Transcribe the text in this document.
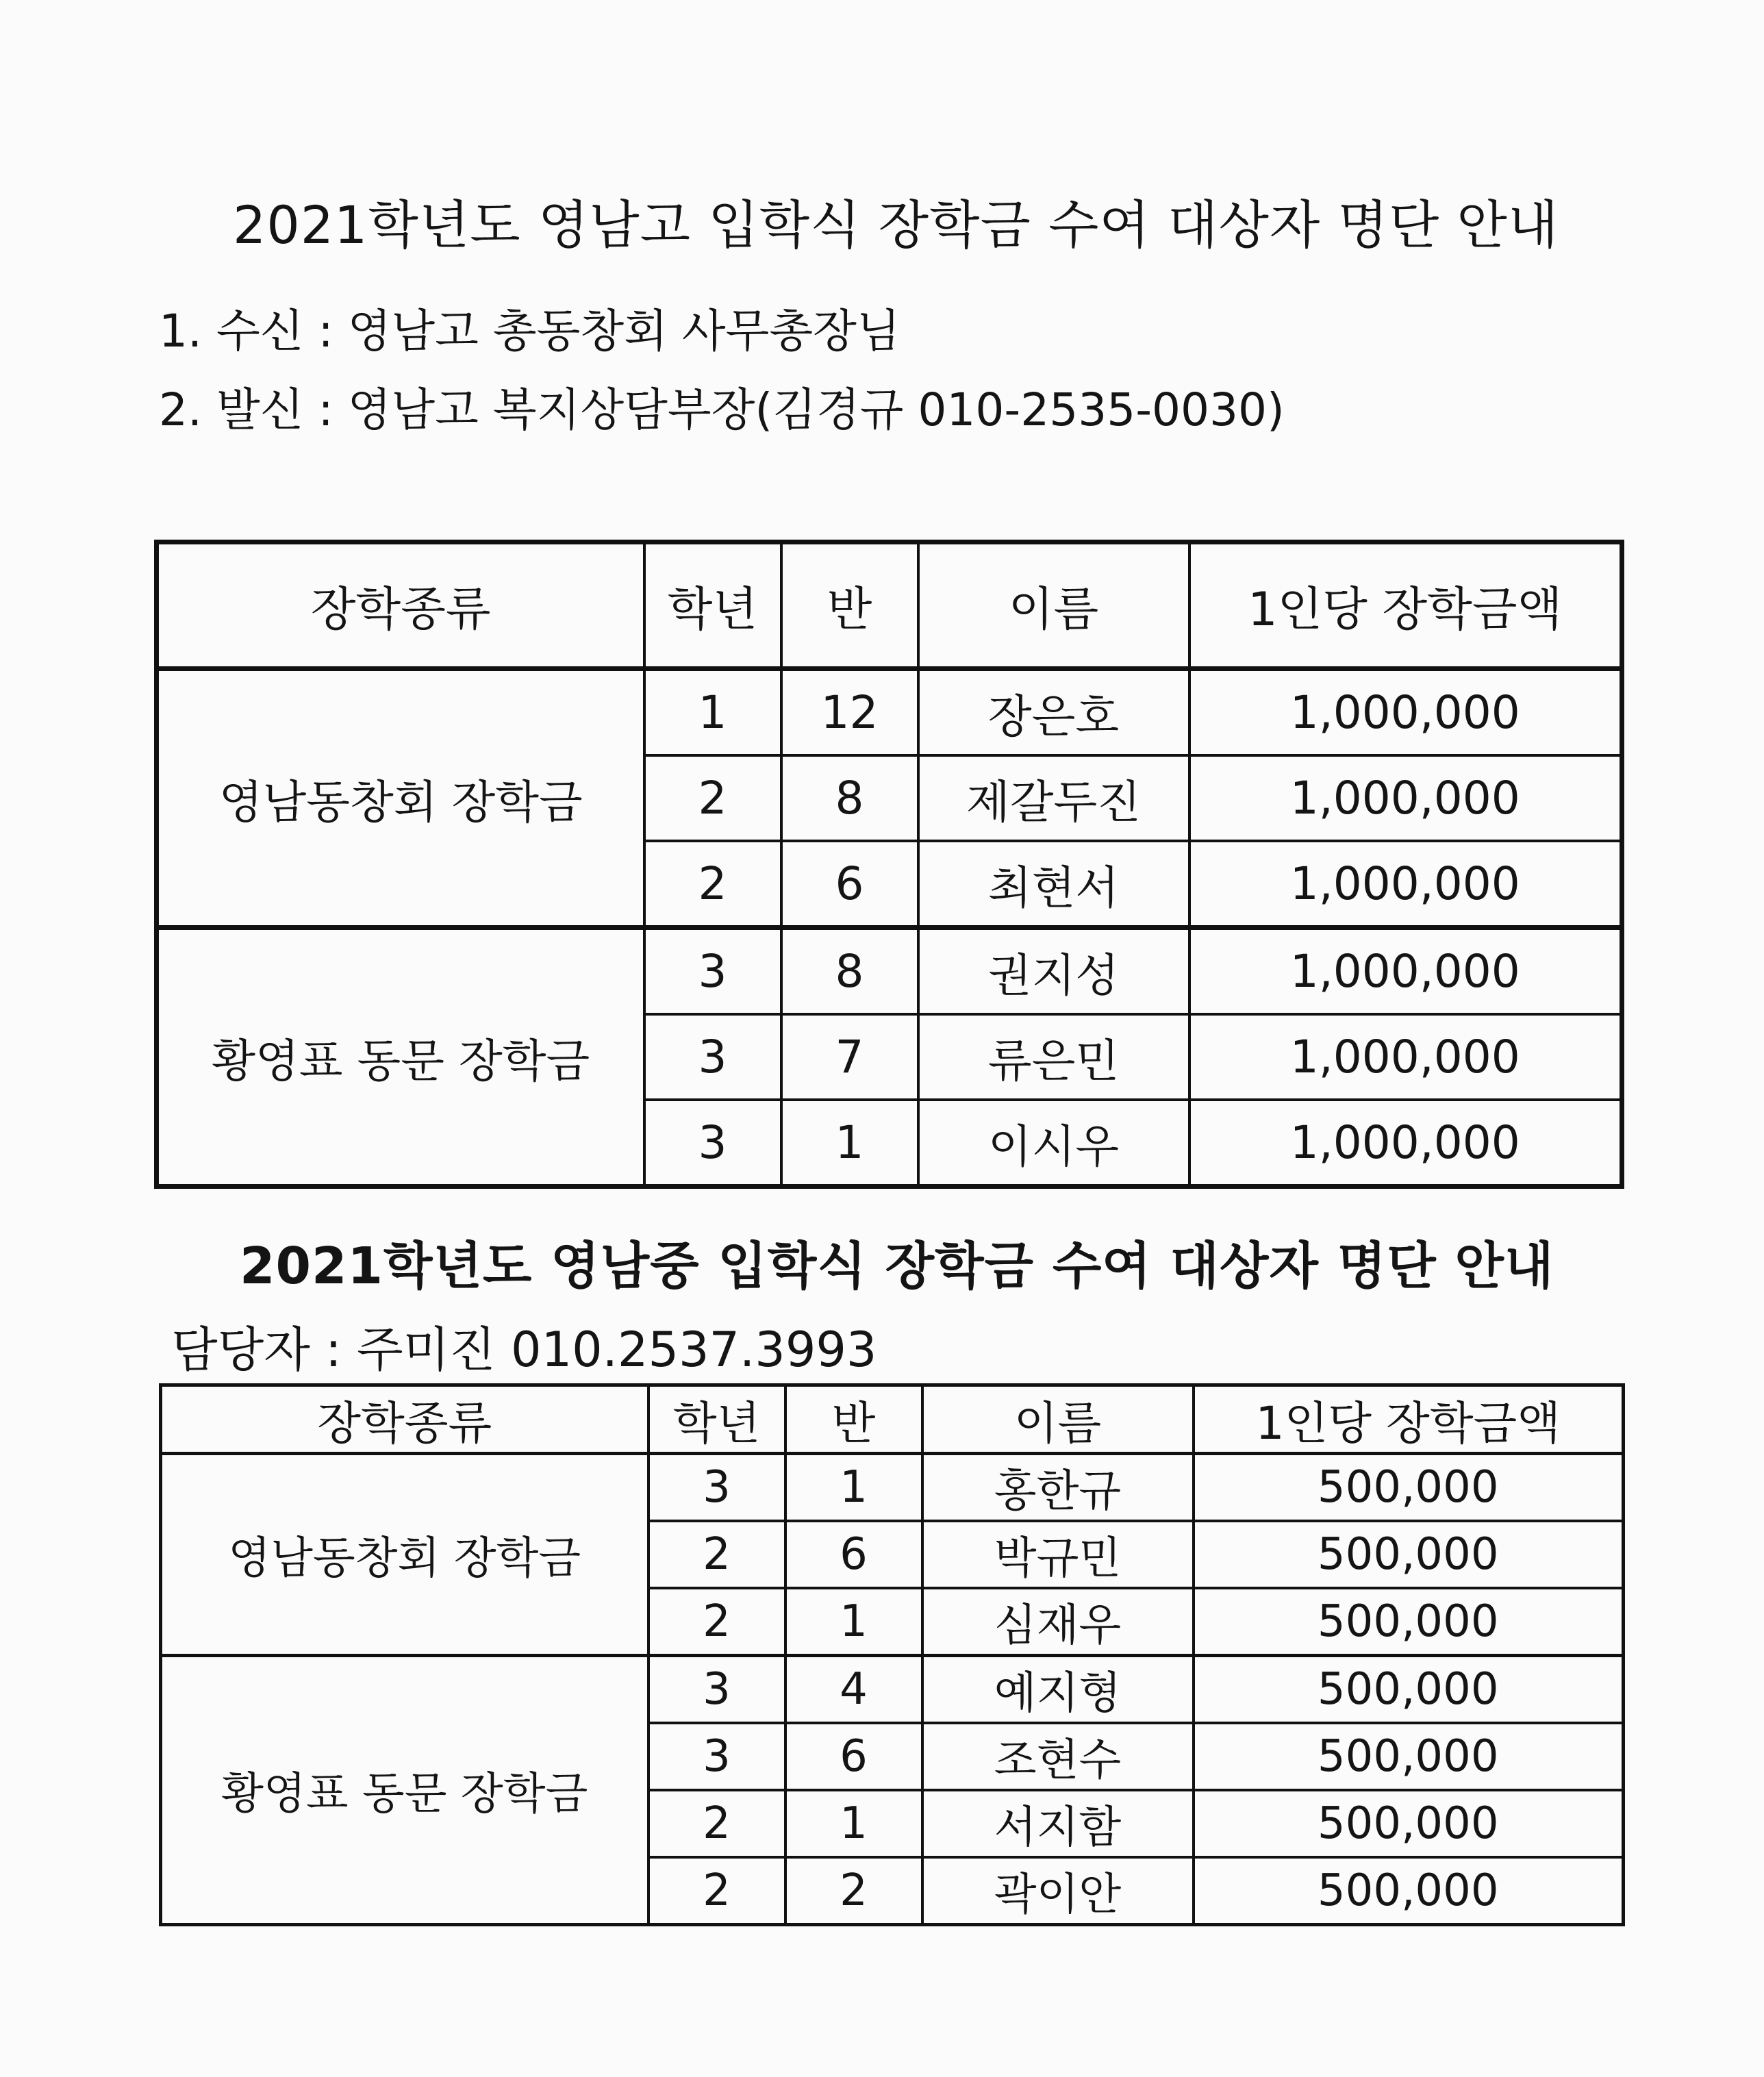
2021학년도 영남고 입학식 장학금 수여 대상자 명단 안내
1. 수신 : 영남고 총동창회 사무총장님
2. 발신 : 영남고 복지상담부장(김경규 010-2535-0030)
장학종류	학년	반	이름	1인당 장학금액
영남동창회 장학금	1	12	장은호	1,000,000
	2	8	제갈두진	1,000,000
	2	6	최현서	1,000,000
황영표 동문 장학금	3	8	권지성	1,000,000
	3	7	류은민	1,000,000
	3	1	이시우	1,000,000
2021학년도 영남중 입학식 장학금 수여 대상자 명단 안내
담당자 : 주미진 010.2537.3993
장학종류	학년	반	이름	1인당 장학금액
영남동창회 장학금	3	1	홍한규	500,000
	2	6	박규민	500,000
	2	1	심재우	500,000
황영표 동문 장학금	3	4	예지형	500,000
	3	6	조현수	500,000
	2	1	서지함	500,000
	2	2	곽이안	500,000
